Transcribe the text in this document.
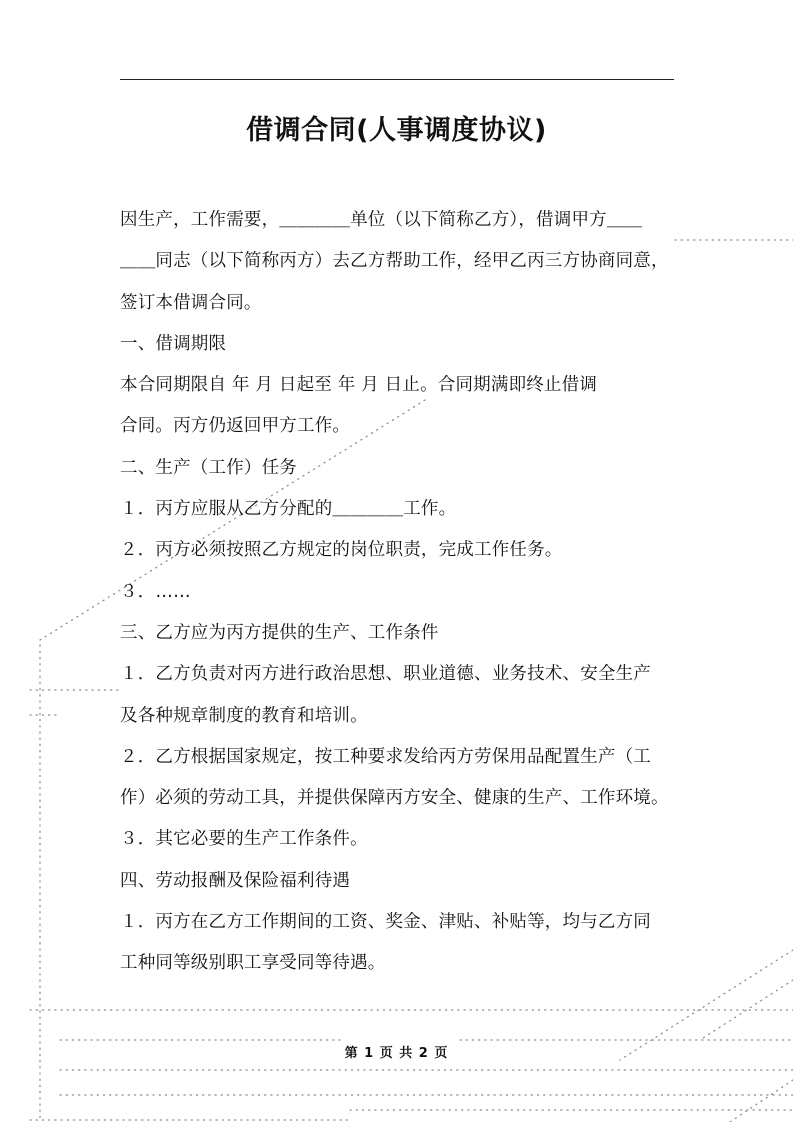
借调合同(人事调度协议)
因生产，工作需要，＿＿＿＿单位（以下简称乙方），借调甲方＿＿
＿＿同志（以下简称丙方）去乙方帮助工作，经甲乙丙三方协商同意，
签订本借调合同。
一、借调期限
本合同期限自 年 月 日起至 年 月 日止。合同期满即终止借调
合同。丙方仍返回甲方工作。
二、生产（工作）任务
１．丙方应服从乙方分配的＿＿＿＿工作。
２．丙方必须按照乙方规定的岗位职责，完成工作任务。
３．……
三、乙方应为丙方提供的生产、工作条件
１．乙方负责对丙方进行政治思想、职业道德、业务技术、安全生产
及各种规章制度的教育和培训。
２．乙方根据国家规定，按工种要求发给丙方劳保用品配置生产（工
作）必须的劳动工具，并提供保障丙方安全、健康的生产、工作环境。
３．其它必要的生产工作条件。
四、劳动报酬及保险福利待遇
１．丙方在乙方工作期间的工资、奖金、津贴、补贴等，均与乙方同
工种同等级别职工享受同等待遇。
第 1 页 共 2 页
